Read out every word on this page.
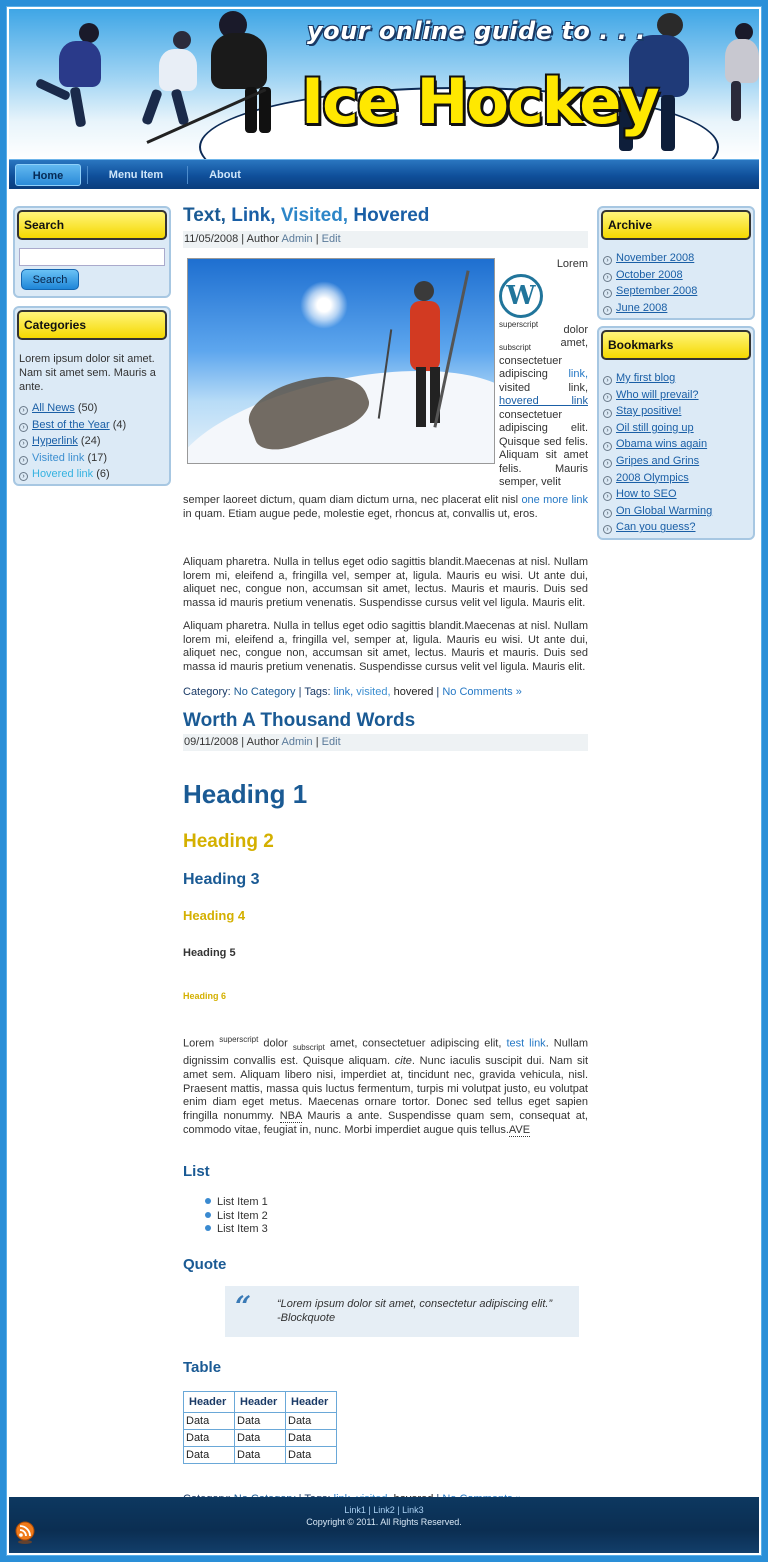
your online guide to . . .
Ice Hockey
Home	Menu Item	About
Search
Search
Categories
Lorem ipsum dolor sit amet. Nam sit amet sem. Mauris a ante.
› All News (50)
› Best of the Year (4)
› Hyperlink (24)
› Visited link (17)
› Hovered link (6)
Archive
› November 2008
› October 2008
› September 2008
› June 2008
Bookmarks
› My first blog
› Who will prevail?
› Stay positive!
› Oil still going up
› Obama wins again
› Gripes and Grins
› 2008 Olympics
› How to SEO
› On Global Warming
› Can you guess?
Text, Link, Visited, Hovered
11/05/2008 | Author Admin | Edit
Lorem
W
superscript dolor
subscript	amet,
consectetuer
adipiscing link,
visited	link,
hovered link
consectetuer adipiscing elit. Quisque sed felis. Aliquam sit amet felis. Mauris semper, velit

semper laoreet dictum, quam diam dictum urna, nec placerat elit nisl one more link in quam. Etiam augue pede, molestie eget, rhoncus at, convallis ut, eros.

Aliquam pharetra. Nulla in tellus eget odio sagittis blandit.Maecenas at nisl. Nullam lorem mi, eleifend a, fringilla vel, semper at, ligula. Mauris eu wisi. Ut ante dui, aliquet nec, congue non, accumsan sit amet, lectus. Mauris et mauris. Duis sed massa id mauris pretium venenatis. Suspendisse cursus velit vel ligula. Mauris elit.

Aliquam pharetra. Nulla in tellus eget odio sagittis blandit.Maecenas at nisl. Nullam lorem mi, eleifend a, fringilla vel, semper at, ligula. Mauris eu wisi. Ut ante dui, aliquet nec, congue non, accumsan sit amet, lectus. Mauris et mauris. Duis sed massa id mauris pretium venenatis. Suspendisse cursus velit vel ligula. Mauris elit.

Category: No Category | Tags: link, visited, hovered | No Comments »
Worth A Thousand Words
09/11/2008 | Author Admin | Edit
Heading 1
Heading 2
Heading 3
Heading 4
Heading 5
Heading 6

Lorem $^{superscript}$ dolor $_{subscript}$ amet, consectetuer adipiscing elit, test link. Nullam dignissim convallis est. Quisque aliquam. cite. Nunc iaculis suscipit dui. Nam sit amet sem. Aliquam libero nisi, imperdiet at, tincidunt nec, gravida vehicula, nisl. Praesent mattis, massa quis luctus fermentum, turpis mi volutpat justo, eu volutpat enim diam eget metus. Maecenas ornare tortor. Donec sed tellus eget sapien fringilla nonummy. NBA Mauris a ante. Suspendisse quam sem, consequat at, commodo vitae, feugiat in, nunc. Morbi imperdiet augue quis tellus.AVE

List
List Item 1
List Item 2
List Item 3
Quote
“ “Lorem ipsum dolor sit amet, consectetur adipiscing elit.”
-Blockquote
Table
Header	Header	Header
Data	Data	Data
Data	Data	Data
Data	Data	Data
Link1 | Link2 | Link3
Copyright © 2011. All Rights Reserved.
